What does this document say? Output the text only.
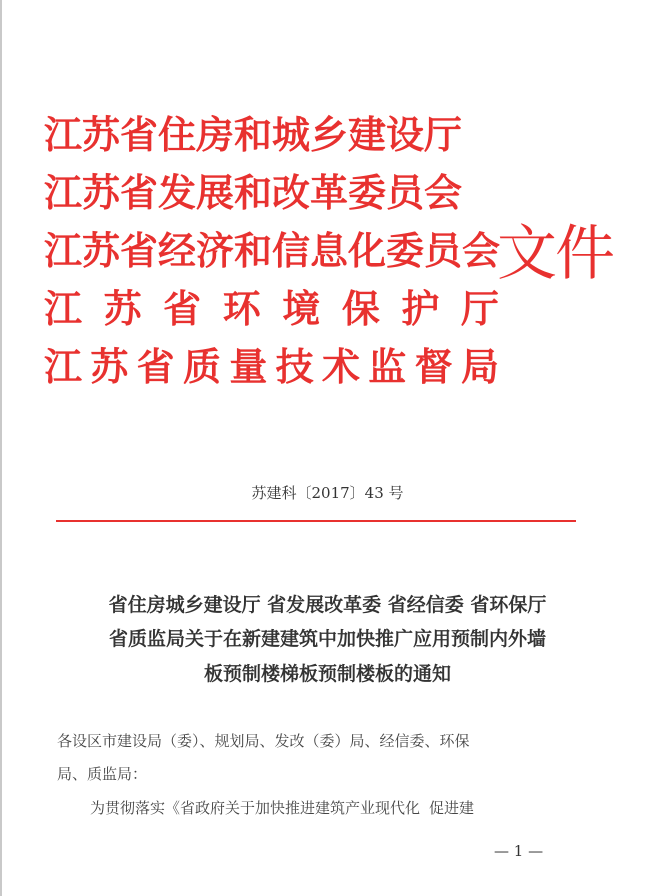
江苏省住房和城乡建设厅
江苏省发展和改革委员会
江苏省经济和信息化委员会
江 苏 省 环 境 保 护 厅
江 苏 省 质 量 技 术 监 督 局
文件
苏建科〔2017〕43 号
省住房城乡建设厅 省发展改革委 省经信委 省环保厅
省质监局关于在新建建筑中加快推广应用预制内外墙
板预制楼梯板预制楼板的通知
各设区市建设局（委）、规划局、发改（委）局、经信委、环保
局、质监局：
为贯彻落实《省政府关于加快推进建筑产业现代化 促进建
— 1 —
